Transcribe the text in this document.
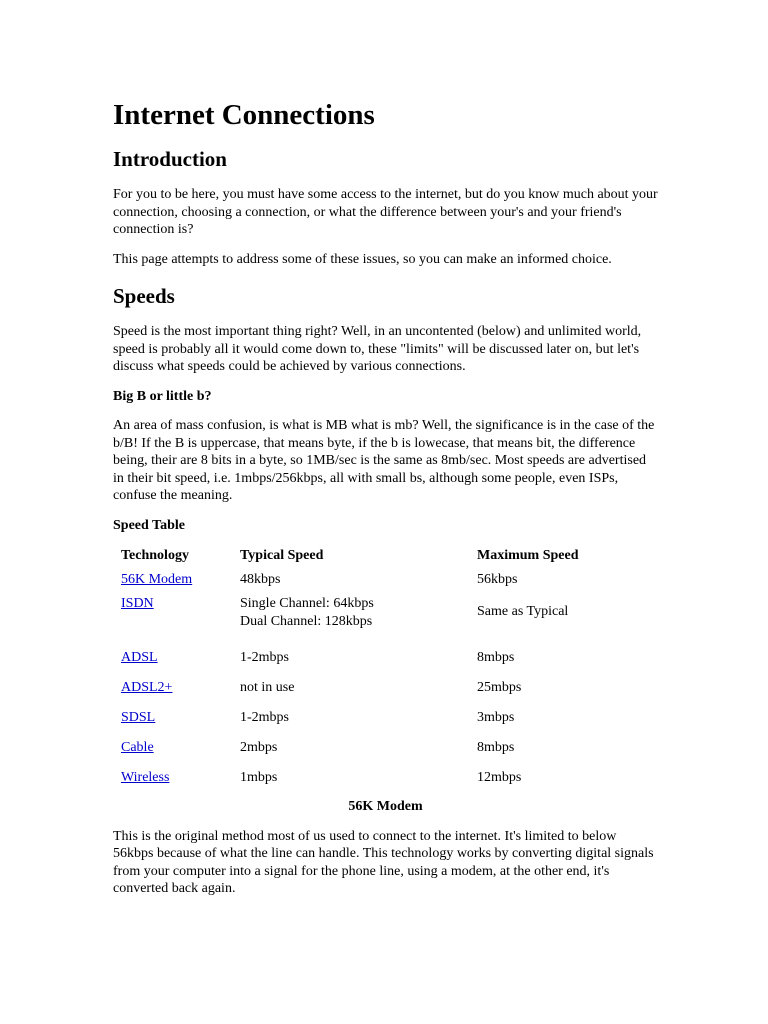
Internet Connections
Introduction

For you to be here, you must have some access to the internet, but do you know much about your connection, choosing a connection, or what the difference between your's and your friend's connection is?

This page attempts to address some of these issues, so you can make an informed choice.

Speeds

Speed is the most important thing right? Well, in an uncontented (below) and unlimited world, speed is probably all it would come down to, these "limits" will be discussed later on, but let's discuss what speeds could be achieved by various connections.

Big B or little b?

An area of mass confusion, is what is MB what is mb? Well, the significance is in the case of the b/B! If the B is uppercase, that means byte, if the b is lowecase, that means bit, the difference being, their are 8 bits in a byte, so 1MB/sec is the same as 8mb/sec. Most speeds are advertised in their bit speed, i.e. 1mbps/256kbps, all with small bs, although some people, even ISPs, confuse the meaning.

Speed Table

Technology	Typical Speed	Maximum Speed
56K Modem	48kbps	56kbps
ISDN	Single Channel: 64kbps
Dual Channel: 128kbps	Same as Typical
ADSL	1-2mbps	8mbps
ADSL2+	not in use	25mbps
SDSL	1-2mbps	3mbps
Cable	2mbps	8mbps
Wireless	1mbps	12mbps
56K Modem

This is the original method most of us used to connect to the internet. It's limited to below 56kbps because of what the line can handle. This technology works by converting digital signals from your computer into a signal for the phone line, using a modem, at the other end, it's converted back again.
